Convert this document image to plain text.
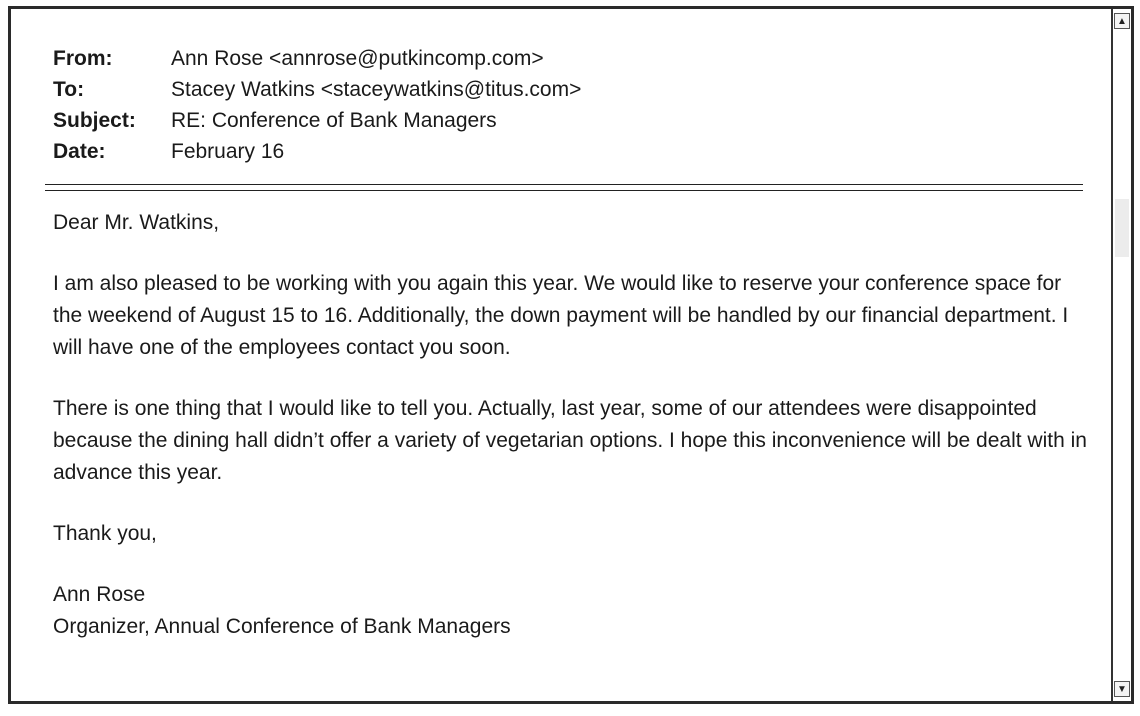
From:	Ann Rose <annrose@putkincomp.com>
To:	Stacey Watkins <staceywatkins@titus.com>
Subject:	RE: Conference of Bank Managers
Date:	February 16

Dear Mr. Watkins,

I am also pleased to be working with you again this year. We would like to reserve your conference space for the weekend of August 15 to 16. Additionally, the down payment will be handled by our financial department. I will have one of the employees contact you soon.

There is one thing that I would like to tell you. Actually, last year, some of our attendees were disappointed because the dining hall didn’t offer a variety of vegetarian options. I hope this inconvenience will be dealt with in advance this year.

Thank you,

Ann Rose

Organizer, Annual Conference of Bank Managers

▲
▼
